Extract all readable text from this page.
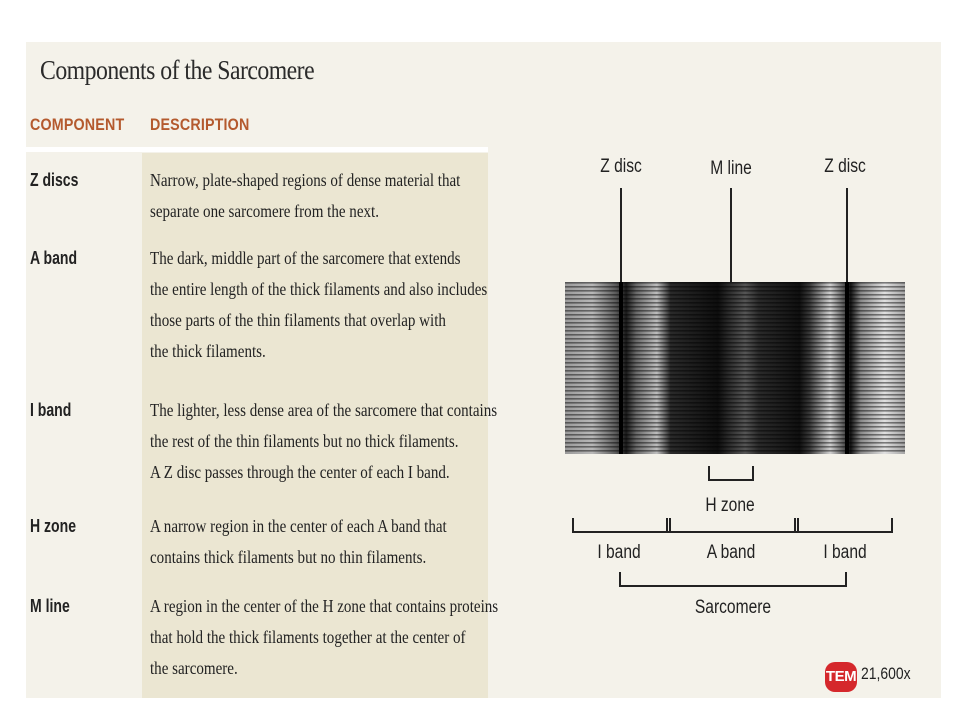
Components of the Sarcomere
COMPONENT DESCRIPTION
Z discs	Narrow, plate-shaped regions of dense material that
separate one sarcomere from the next.
A band	The dark, middle part of the sarcomere that extends
the entire length of the thick filaments and also includes
those parts of the thin filaments that overlap with
the thick filaments.
I band	The lighter, less dense area of the sarcomere that contains
the rest of the thin filaments but no thick filaments.
A Z disc passes through the center of each I band.
H zone	A narrow region in the center of each A band that
contains thick filaments but no thin filaments.
M line	A region in the center of the H zone that contains proteins
that hold the thick filaments together at the center of
the sarcomere.
Z disc	M line	Z disc
H zone
I band	A band	I band
Sarcomere
TEM 21,600x
